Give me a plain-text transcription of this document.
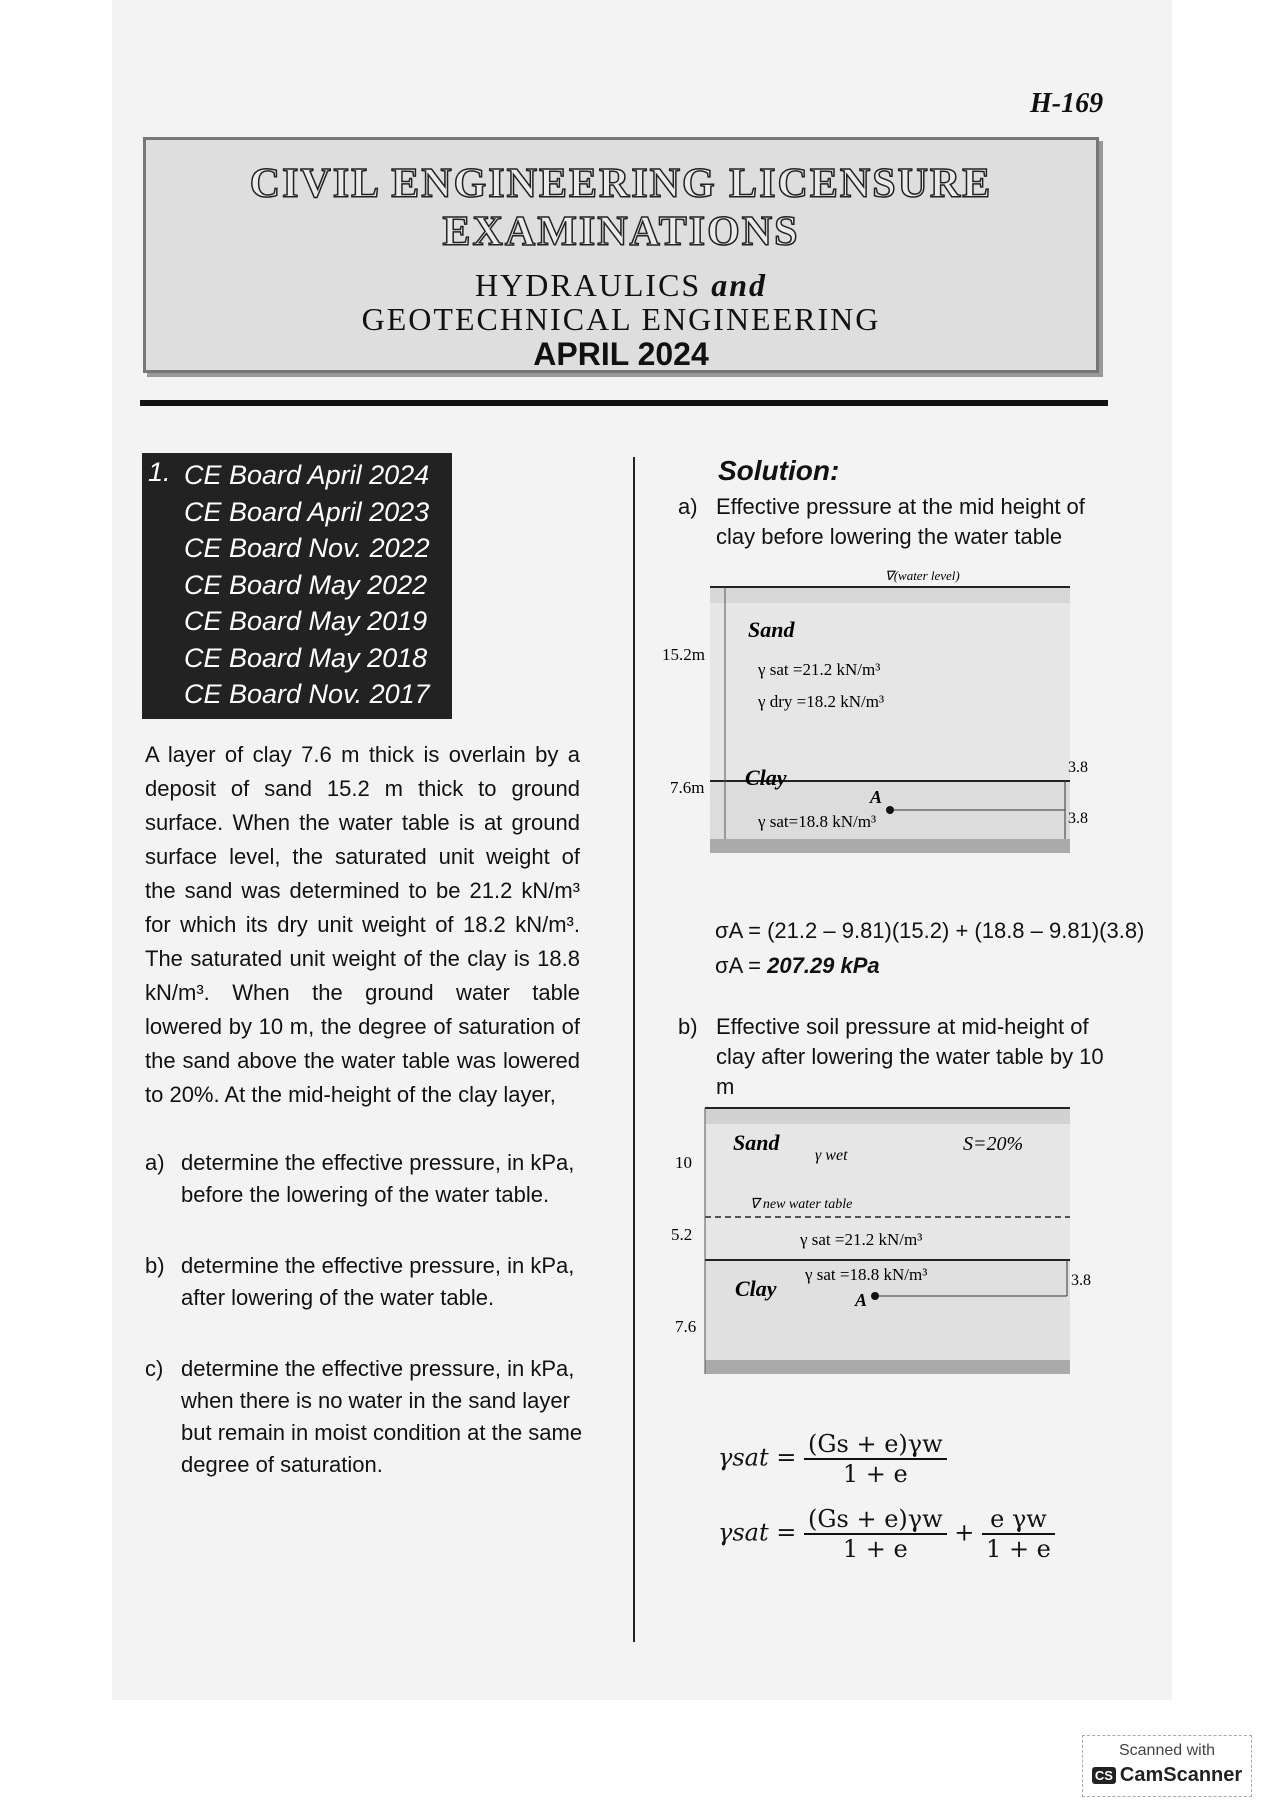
H-169
CIVIL ENGINEERING LICENSURE
EXAMINATIONS
HYDRAULICS and
GEOTECHNICAL ENGINEERING
APRIL 2024
1. CE Board April 2024
CE Board April 2023
CE Board Nov. 2022
CE Board May 2022
CE Board May 2019
CE Board May 2018
CE Board Nov. 2017
A layer of clay 7.6 m thick is overlain by a deposit of sand 15.2 m thick to ground surface. When the water table is at ground surface level, the saturated unit weight of the sand was determined to be 21.2 kN/m³ for which its dry unit weight of 18.2 kN/m³. The saturated unit weight of the clay is 18.8 kN/m³. When the ground water table lowered by 10 m, the degree of saturation of the sand above the water table was lowered to 20%. At the mid-height of the clay layer,
a) determine the effective pressure, in kPa, before the lowering of the water table.
b) determine the effective pressure, in kPa, after lowering of the water table.
c) determine the effective pressure, in kPa, when there is no water in the sand layer but remain in moist condition at the same degree of saturation.
Solution:
a) Effective pressure at the mid height of clay before lowering the water table
∇(water level)
Sand
γ sat =21.2 kN/m³
γ dry =18.2 kN/m³
15.2m
Clay
A
γ sat=18.8 kN/m³
7.6m
3.8
3.8
σA = (21.2 – 9.81)(15.2) + (18.8 – 9.81)(3.8)
σA = 207.29 kPa
b) Effective soil pressure at mid-height of clay after lowering the water table by 10 m
Sand
γ wet
S=20%
10
∇ new water table
5.2	γ sat =21.2 kN/m³
Clay
γ sat =18.8 kN/m³
A
7.6
3.8
$\gamma sat = \frac{(Gs + e)\gamma w}{1 + e}$
$\gamma sat = \frac{(Gs + e)\gamma w}{1 + e} + \frac{\text{e γw}}{1 + e}$
Scanned with
CS CamScanner
